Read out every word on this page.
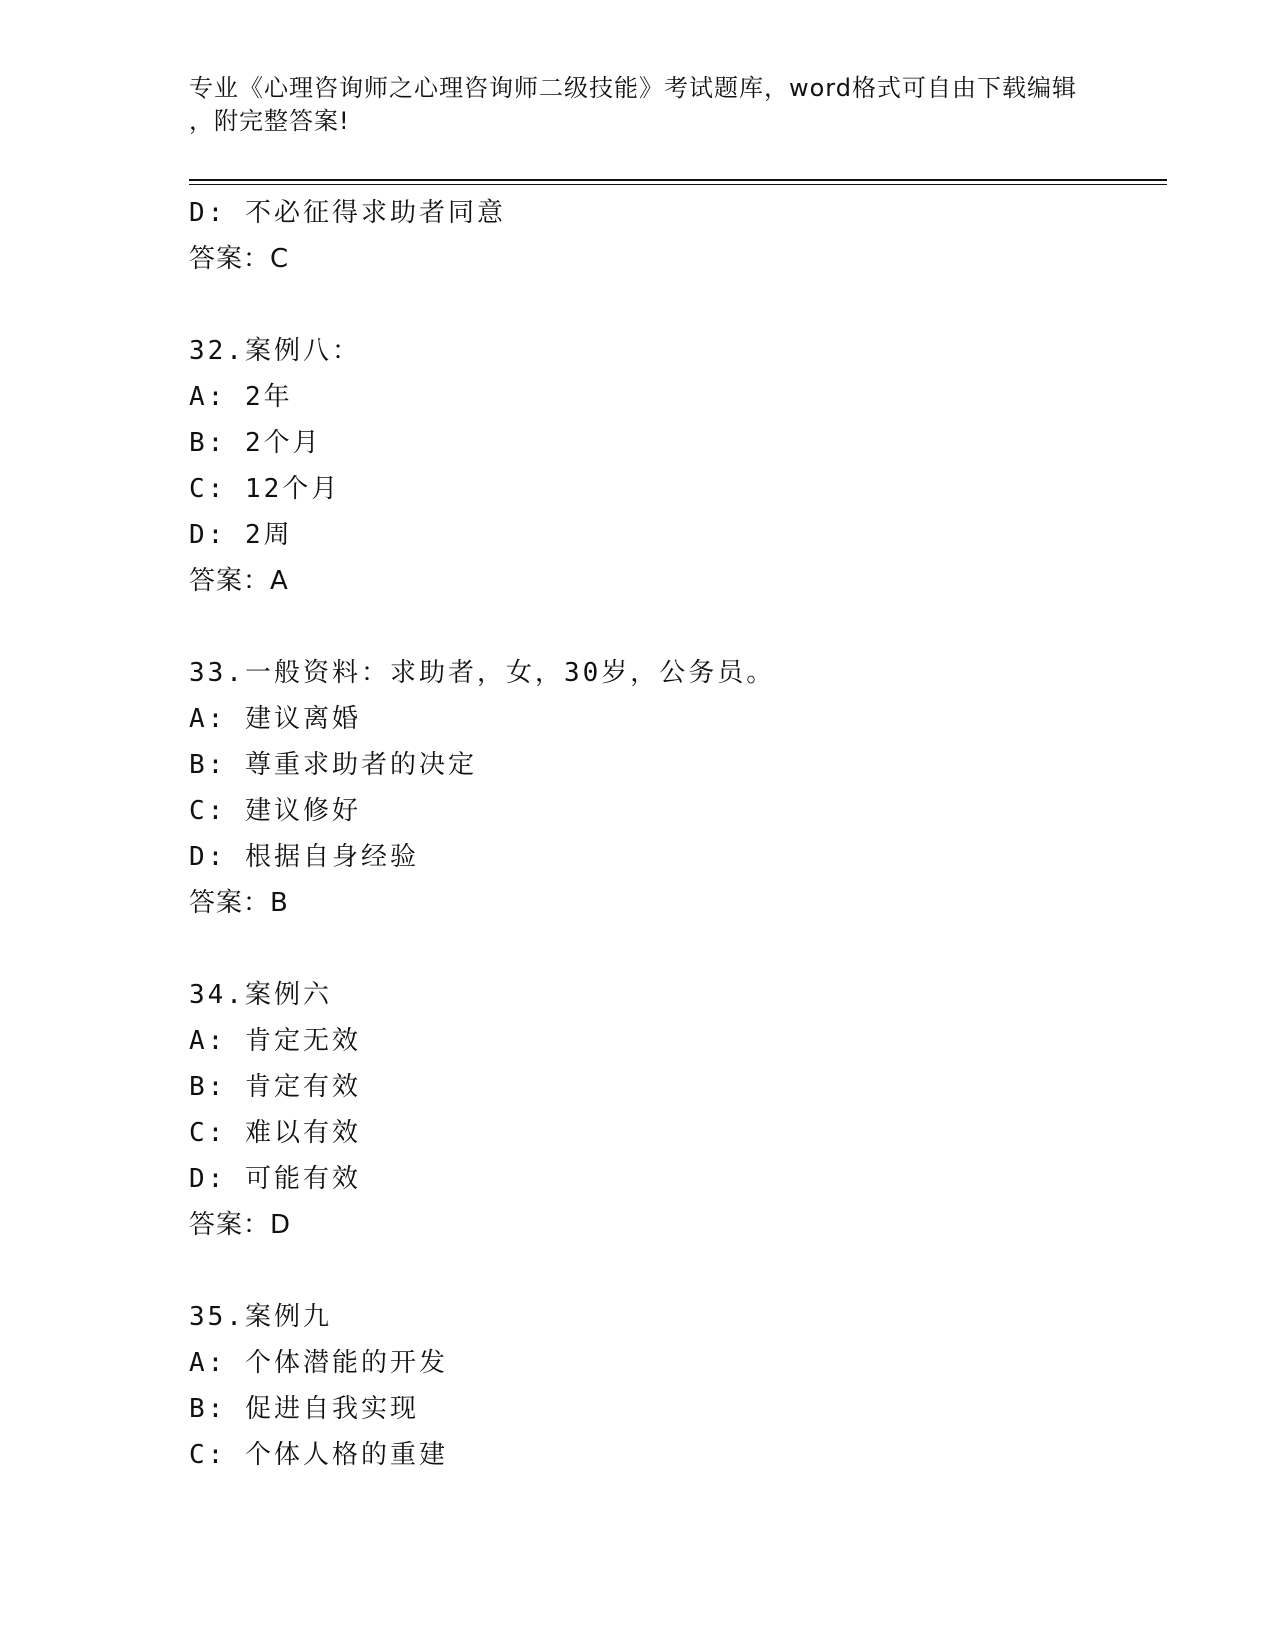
专业《心理咨询师之心理咨询师二级技能》考试题库，word格式可自由下载编辑
，附完整答案!
D: 不必征得求助者同意
答案：C
32.案例八：
A: 2年
B: 2个月
C: 12个月
D: 2周
答案：A
33.一般资料：求助者，女，30岁，公务员。
A: 建议离婚
B: 尊重求助者的决定
C: 建议修好
D: 根据自身经验
答案：B
34.案例六
A: 肯定无效
B: 肯定有效
C: 难以有效
D: 可能有效
答案：D
35.案例九
A: 个体潜能的开发
B: 促进自我实现
C: 个体人格的重建
